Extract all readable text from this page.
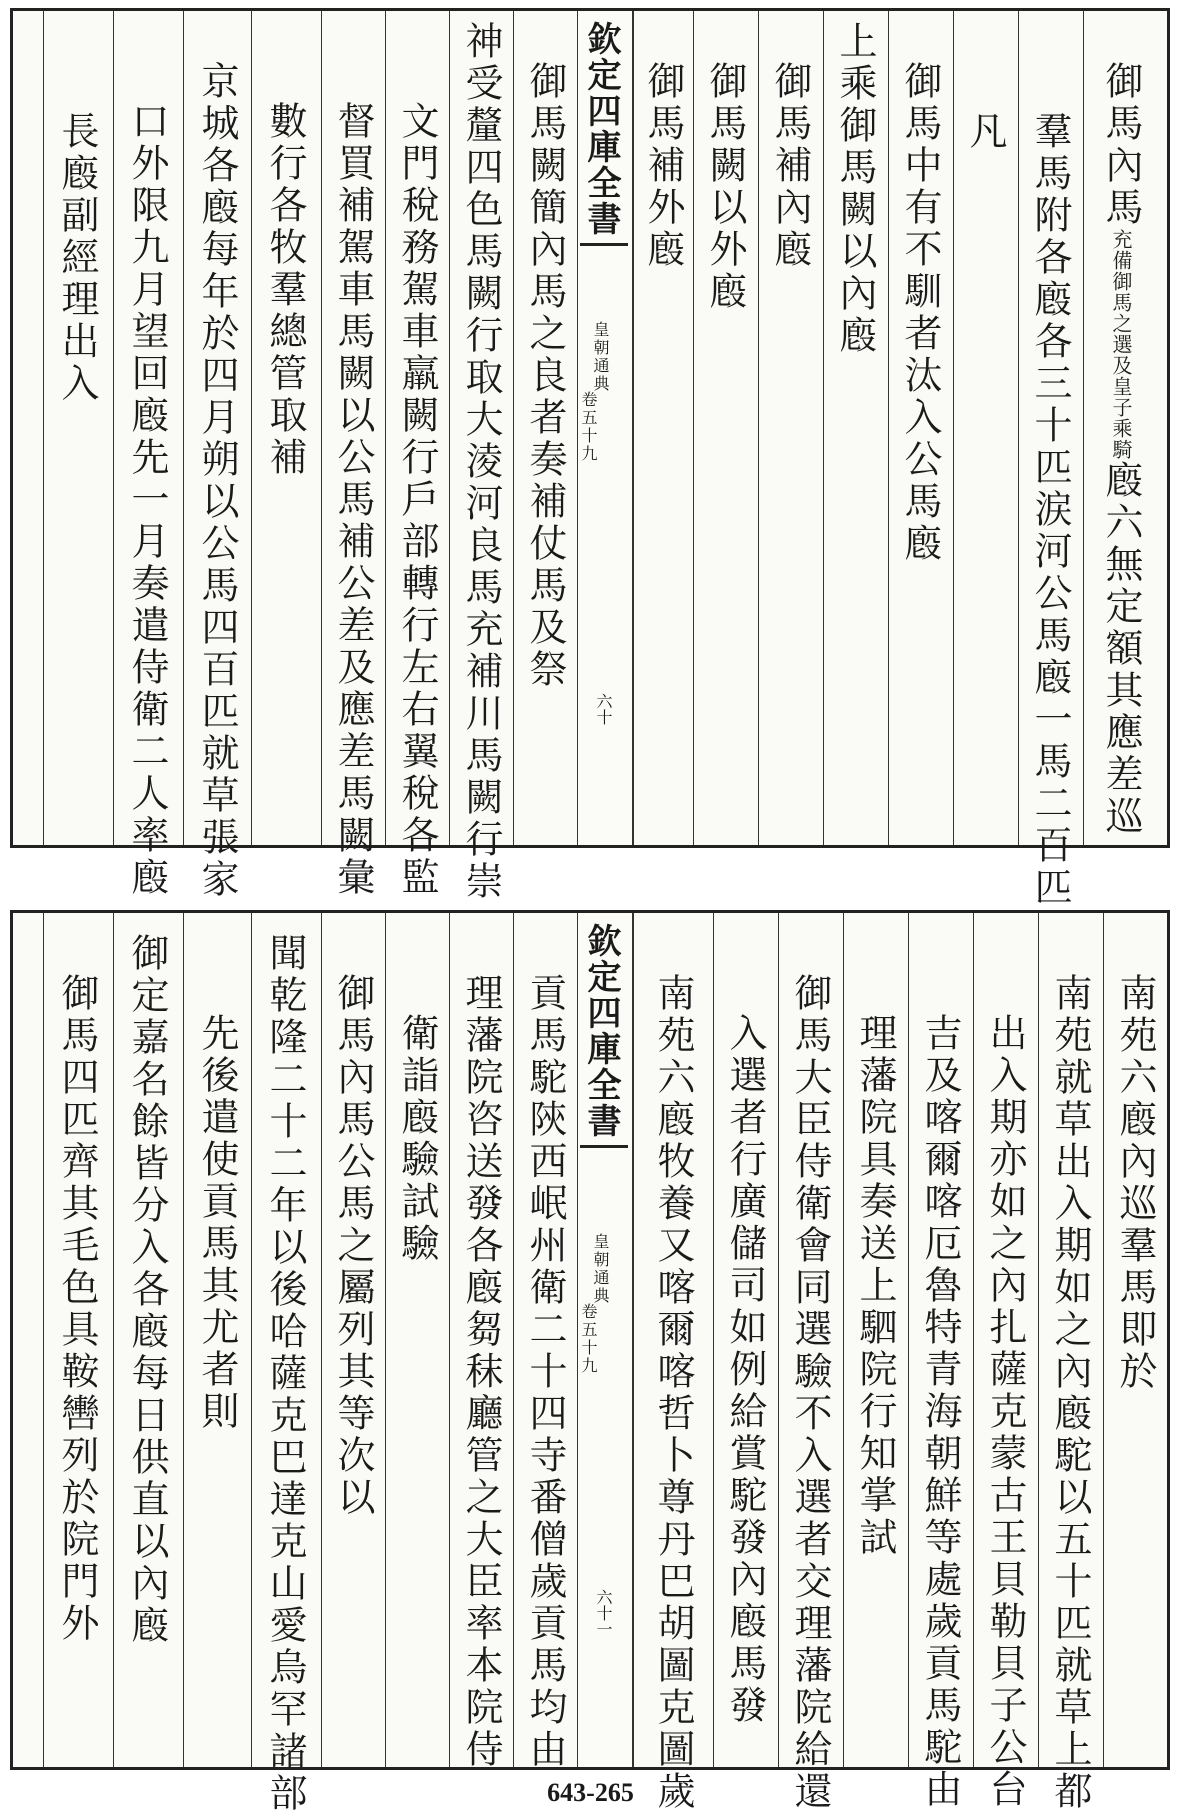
御馬內馬充備御馬之選及皇子乘騎廏六無定額其應差巡
羣馬附各廏各三十匹涙河公馬廏一馬二百匹
凡
御馬中有不馴者汰入公馬廏
上乘御馬闕以內廏
御馬補內廏
御馬闕以外廏
御馬補外廏
欽定四庫全書
皇朝通典
卷五十九
六十
御馬闕簡內馬之良者奏補仗馬及祭
神受釐四色馬闕行取大淩河良馬充補川馬闕行崇
文門稅務駕車羸闕行戶部轉行左右翼稅各監
督買補駕車馬闕以公馬補公差及應差馬闕彙
數行各牧羣總管取補
京城各廏每年於四月朔以公馬四百匹就草張家
口外限九月望回廏先一月奏遣侍衛二人率廏
長廏副經理出入
南苑六廏內巡羣馬即於
南苑就草出入期如之內廏駝以五十匹就草上都
出入期亦如之內扎薩克蒙古王貝勒貝子公台
吉及喀爾喀厄魯特青海朝鮮等處歲貢馬駝由
理藩院具奏送上駟院行知掌試
御馬大臣侍衛會同選驗不入選者交理藩院給還
入選者行廣儲司如例給賞駝發內廏馬發
南苑六廏牧養又喀爾喀哲卜尊丹巴胡圖克圖歲
欽定四庫全書
皇朝通典
卷五十九
六十一
貢馬駝陝西岷州衛二十四寺番僧歲貢馬均由
理藩院咨送發各廏芻秣廳管之大臣率本院侍
衛詣廏驗試驗
御馬內馬公馬之屬列其等次以
聞乾隆二十二年以後哈薩克巴達克山愛烏罕諸部
先後遣使貢馬其尤者則
御定嘉名餘皆分入各廏每日供直以內廏
御馬四匹齊其毛色具鞍轡列於院門外
643-265
